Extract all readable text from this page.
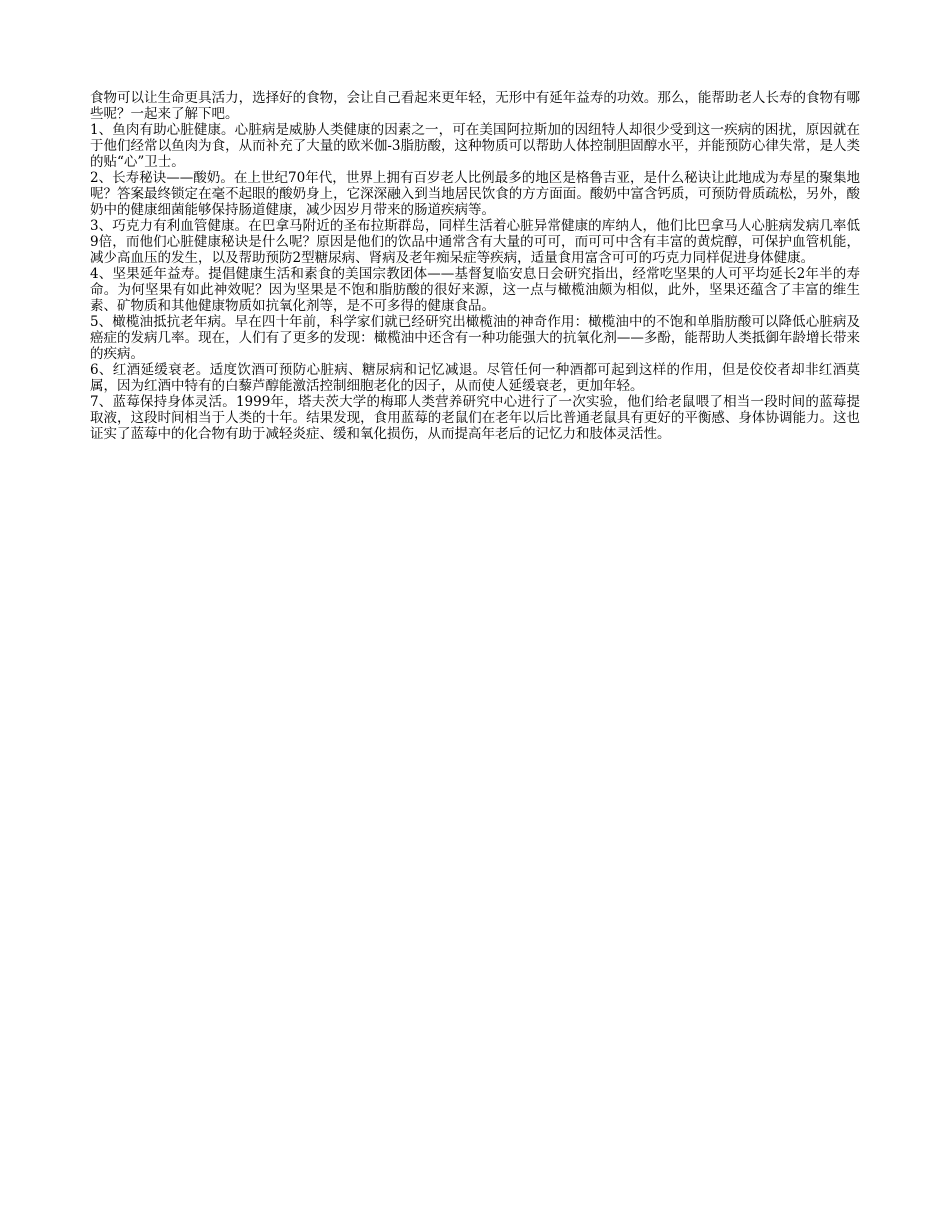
食物可以让生命更具活力，选择好的食物，会让自己看起来更年轻，无形中有延年益寿的功效。那么，能帮助老人长寿的食物有哪些呢？一起来了解下吧。

1、鱼肉有助心脏健康。心脏病是威胁人类健康的因素之一，可在美国阿拉斯加的因纽特人却很少受到这一疾病的困扰，原因就在于他们经常以鱼肉为食，从而补充了大量的欧米伽-3脂肪酸，这种物质可以帮助人体控制胆固醇水平，并能预防心律失常，是人类的贴“心”卫士。

2、长寿秘诀——酸奶。在上世纪70年代，世界上拥有百岁老人比例最多的地区是格鲁吉亚，是什么秘诀让此地成为寿星的聚集地呢？答案最终锁定在毫不起眼的酸奶身上，它深深融入到当地居民饮食的方方面面。酸奶中富含钙质，可预防骨质疏松，另外，酸奶中的健康细菌能够保持肠道健康，减少因岁月带来的肠道疾病等。

3、巧克力有利血管健康。在巴拿马附近的圣布拉斯群岛，同样生活着心脏异常健康的库纳人，他们比巴拿马人心脏病发病几率低9倍，而他们心脏健康秘诀是什么呢？原因是他们的饮品中通常含有大量的可可，而可可中含有丰富的黄烷醇，可保护血管机能，减少高血压的发生，以及帮助预防2型糖尿病、肾病及老年痴呆症等疾病，适量食用富含可可的巧克力同样促进身体健康。

4、坚果延年益寿。提倡健康生活和素食的美国宗教团体——基督复临安息日会研究指出，经常吃坚果的人可平均延长2年半的寿命。为何坚果有如此神效呢？因为坚果是不饱和脂肪酸的很好来源，这一点与橄榄油颇为相似，此外，坚果还蕴含了丰富的维生素、矿物质和其他健康物质如抗氧化剂等，是不可多得的健康食品。

5、橄榄油抵抗老年病。早在四十年前，科学家们就已经研究出橄榄油的神奇作用：橄榄油中的不饱和单脂肪酸可以降低心脏病及癌症的发病几率。现在，人们有了更多的发现：橄榄油中还含有一种功能强大的抗氧化剂——多酚，能帮助人类抵御年龄增长带来的疾病。

6、红酒延缓衰老。适度饮酒可预防心脏病、糖尿病和记忆减退。尽管任何一种酒都可起到这样的作用，但是佼佼者却非红酒莫属，因为红酒中特有的白藜芦醇能激活控制细胞老化的因子，从而使人延缓衰老，更加年轻。

7、蓝莓保持身体灵活。1999年，塔夫茨大学的梅耶人类营养研究中心进行了一次实验，他们给老鼠喂了相当一段时间的蓝莓提取液，这段时间相当于人类的十年。结果发现，食用蓝莓的老鼠们在老年以后比普通老鼠具有更好的平衡感、身体协调能力。这也证实了蓝莓中的化合物有助于减轻炎症、缓和氧化损伤，从而提高年老后的记忆力和肢体灵活性。
